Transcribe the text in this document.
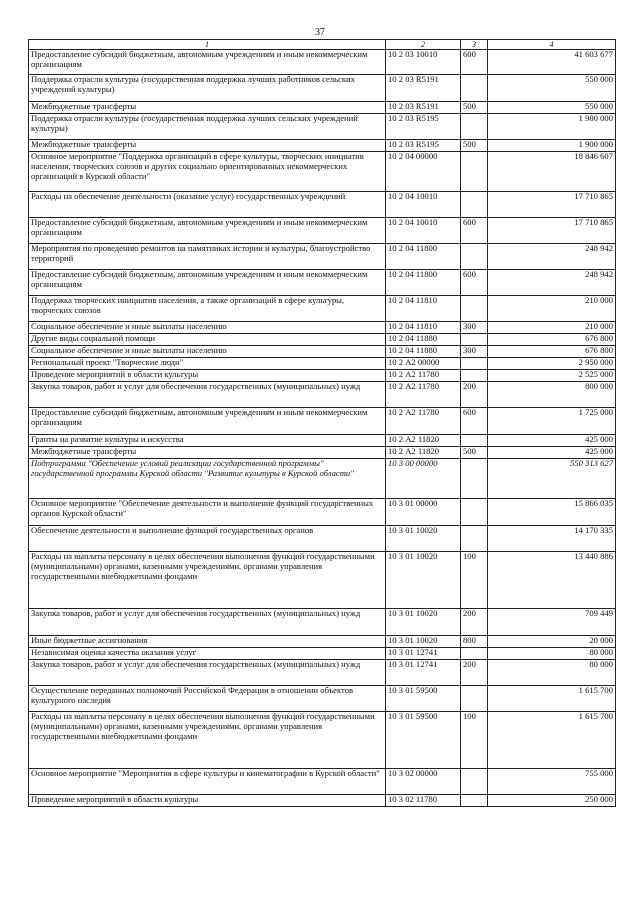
37
1	2	3	4
Предоставление субсидий бюджетным, автономным учреждениям и иным некоммерческим организациям	10 2 03 10010	600	41 603 677
Поддержка отрасли культуры (государственная поддержка лучших работников сельских учреждений культуры)	10 2 03 R5191		550 000
Межбюджетные трансферты	10 2 03 R5191	500	550 000
Поддержка отрасли культуры (государственная поддержка лучших сельских учреждений культуры)	10 2 03 R5195		1 900 000
Межбюджетные трансферты	10 2 03 R5195	500	1 900 000
Основное мероприятие "Поддержка организаций в сфере культуры, творческих инициатив населения, творческих союзов и других социально ориентированных некоммерческих организаций в Курской области"	10 2 04 00000		18 846 607
Расходы на обеспечение деятельности (оказание услуг) государственных учреждений	10 2 04 10010		17 710 865
Предоставление субсидий бюджетным, автономным учреждениям и иным некоммерческим организациям	10 2 04 10010	600	17 710 865
Мероприятия по проведению ремонтов на памятниках истории и культуры, благоустройство территорий	10 2 04 11800		248 942
Предоставление субсидий бюджетным, автономным учреждениям и иным некоммерческим организациям	10 2 04 11800	600	248 942
Поддержка творческих инициатив населения, а также организаций в сфере культуры, творческих союзов	10 2 04 11810		210 000
Социальное обеспечение и иные выплаты населению	10 2 04 11810	300	210 000
Другие виды социальной помощи	10 2 04 11880		676 800
Социальное обеспечение и иные выплаты населению	10 2 04 11880	300	676 800
Региональный проект "Творческие люди"	10 2 А2 00000		2 950 000
Проведение мероприятий в области культуры	10 2 А2 11780		2 525 000
Закупка товаров, работ и услуг для обеспечения государственных (муниципальных) нужд	10 2 А2 11780	200	800 000
Предоставление субсидий бюджетным, автономным учреждениям и иным некоммерческим организациям	10 2 А2 11780	600	1 725 000
Гранты на развитие культуры и искусства	10 2 А2 11820		425 000
Межбюджетные трансферты	10 2 А2 11820	500	425 000
Подпрограмма "Обеспечение условий реализации государственной программы" государственной программы Курской области "Развитие культуры в Курской области"	10 3 00 00000		550 313 627
Основное мероприятие "Обеспечение деятельности и выполнение функций государственных органов Курской области"	10 3 01 00000		15 866 035
Обеспечение деятельности и выполнение функций государственных органов	10 3 01 10020		14 170 335
Расходы на выплаты персоналу в целях обеспечения выполнения функций государственными (муниципальными) органами, казенными учреждениями, органами управления государственными внебюджетными фондами	10 3 01 10020	100	13 440 886
Закупка товаров, работ и услуг для обеспечения государственных (муниципальных) нужд	10 3 01 10020	200	709 449
Иные бюджетные ассигнования	10 3 01 10020	800	20 000
Независимая оценка качества оказания услуг	10 3 01 12741		80 000
Закупка товаров, работ и услуг для обеспечения государственных (муниципальных) нужд	10 3 01 12741	200	80 000
Осуществление переданных полномочий Российской Федерации в отношении объектов культурного наследия	10 3 01 59500		1 615 700
Расходы на выплаты персоналу в целях обеспечения выполнения функций государственными (муниципальными) органами, казенными учреждениями, органами управления государственными внебюджетными фондами	10 3 01 59500	100	1 615 700
Основное мероприятие "Мероприятия в сфере культуры и кинематографии в Курской области"	10 3 02 00000		755 000
Проведение мероприятий в области культуры	10 3 02 11780		250 000
